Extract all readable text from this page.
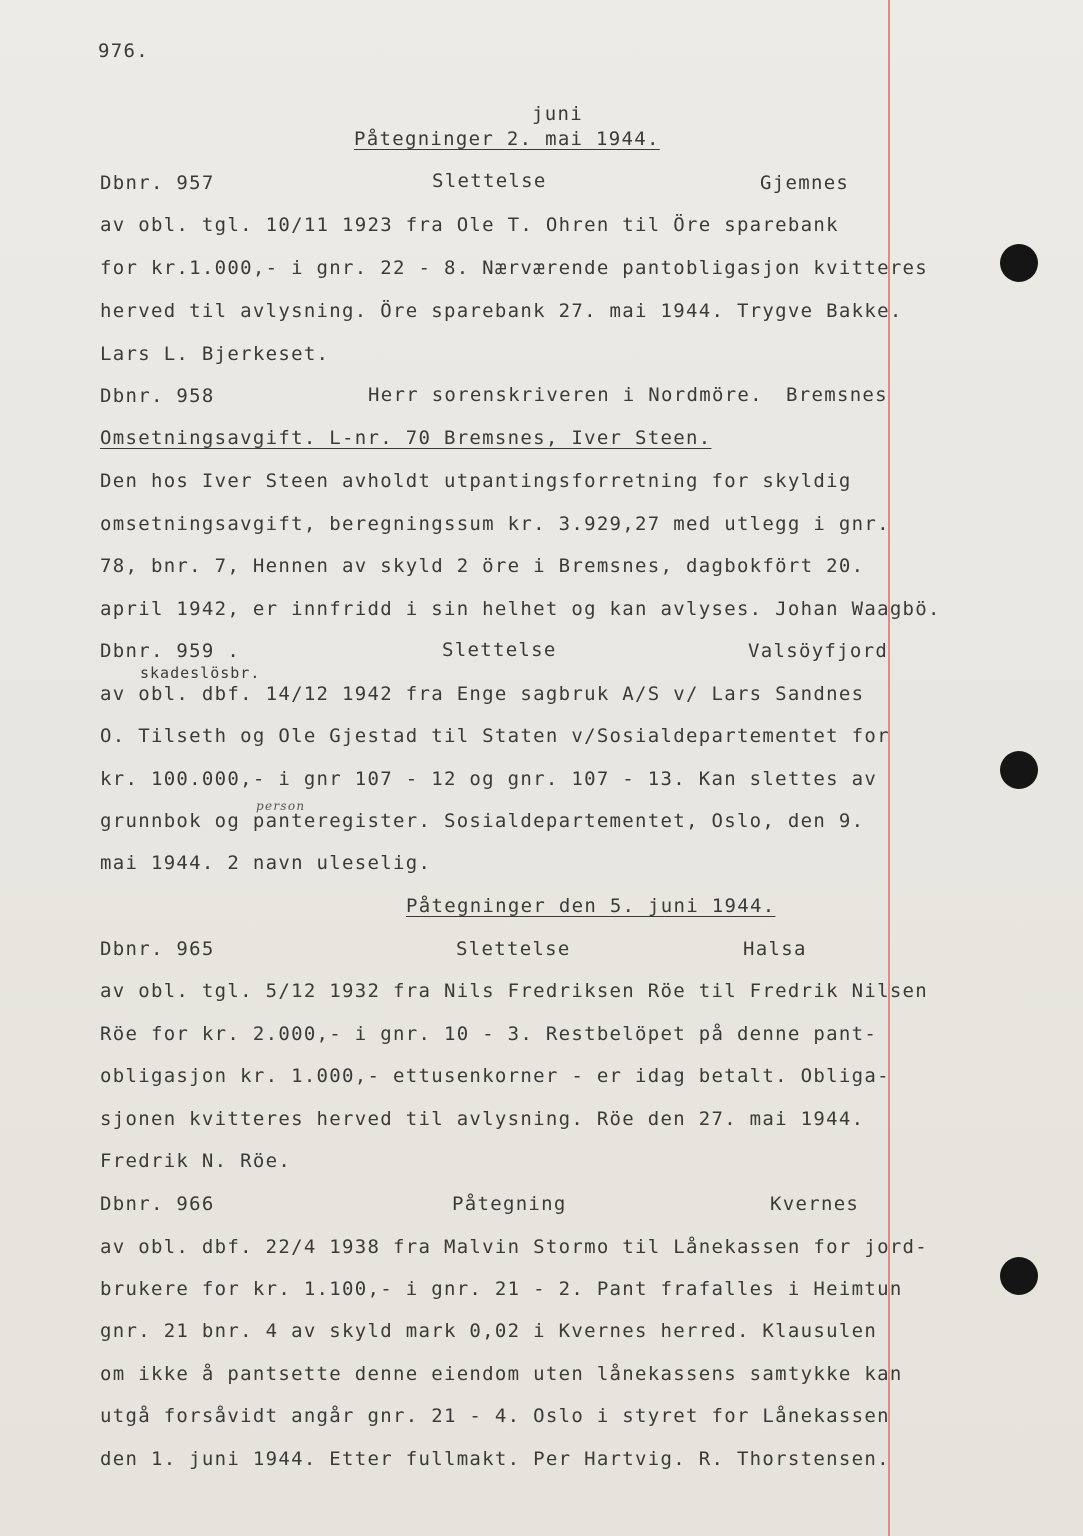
976.
juni
Påtegninger 2. mai 1944.
Dbnr. 957	Slettelse	Gjemnes
av obl. tgl. 10/11 1923 fra Ole T. Ohren til Öre sparebank
for kr.1.000,- i gnr. 22 - 8. Nærværende pantobligasjon kvitteres
herved til avlysning. Öre sparebank 27. mai 1944. Trygve Bakke.
Lars L. Bjerkeset.
Dbnr. 958	Herr sorenskriveren i Nordmöre. Bremsnes
Omsetningsavgift. L-nr. 70 Bremsnes, Iver Steen.
Den hos Iver Steen avholdt utpantingsforretning for skyldig
omsetningsavgift, beregningssum kr. 3.929,27 med utlegg i gnr.
78, bnr. 7, Hennen av skyld 2 öre i Bremsnes, dagbokfört 20.
april 1942, er innfridd i sin helhet og kan avlyses. Johan Waagbö.
Dbnr. 959 .	Slettelse	Valsöyfjord
skadeslösbr.
av obl. dbf. 14/12 1942 fra Enge sagbruk A/S v/ Lars Sandnes
O. Tilseth og Ole Gjestad til Staten v/Sosialdepartementet for
kr. 100.000,- i gnr 107 - 12 og gnr. 107 - 13. Kan slettes av
person
grunnbok og panteregister. Sosialdepartementet, Oslo, den 9.
mai 1944. 2 navn uleselig.
Påtegninger den 5. juni 1944.
Dbnr. 965	Slettelse	Halsa
av obl. tgl. 5/12 1932 fra Nils Fredriksen Röe til Fredrik Nilsen
Röe for kr. 2.000,- i gnr. 10 - 3. Restbelöpet på denne pant-
obligasjon kr. 1.000,- ettusenkorner - er idag betalt. Obliga-
sjonen kvitteres herved til avlysning. Röe den 27. mai 1944.
Fredrik N. Röe.
Dbnr. 966	Påtegning	Kvernes
av obl. dbf. 22/4 1938 fra Malvin Stormo til Lånekassen for jord-
brukere for kr. 1.100,- i gnr. 21 - 2. Pant frafalles i Heimtun
gnr. 21 bnr. 4 av skyld mark 0,02 i Kvernes herred. Klausulen
om ikke å pantsette denne eiendom uten lånekassens samtykke kan
utgå forsåvidt angår gnr. 21 - 4. Oslo i styret for Lånekassen
den 1. juni 1944. Etter fullmakt. Per Hartvig. R. Thorstensen.
